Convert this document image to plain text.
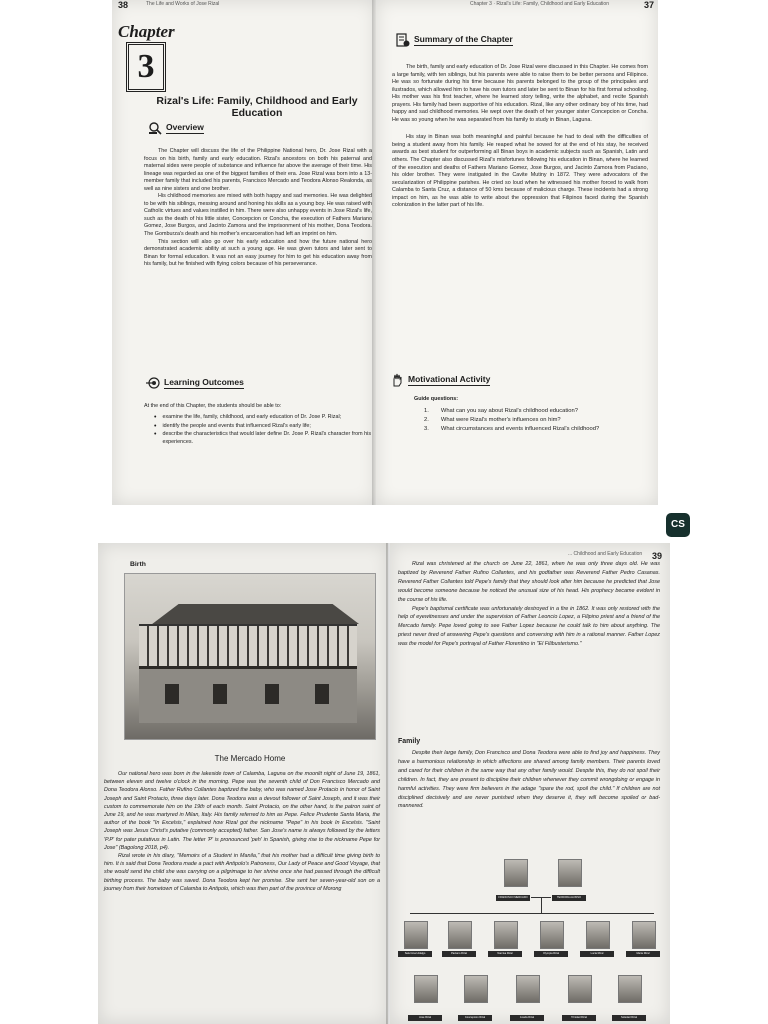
38	The Life and Works of Jose Rizal
Chapter
3
Rizal's Life: Family, Childhood and Early Education
Overview

The Chapter will discuss the life of the Philippine National hero, Dr. Jose Rizal with a focus on his birth, family and early education. Rizal's ancestors on both his paternal and maternal sides were people of substance and influence far above the average of their time. His lineage was regarded as one of the biggest families of their era. Jose Rizal was born into a 13-member family that included his parents, Francisco Mercado and Teodora Alonso Realonda, as well as nine sisters and one brother.

His childhood memories are mixed with both happy and sad memories. He was delighted to be with his siblings, messing around and honing his skills as a young boy. He was raised with Catholic virtues and values instilled in him. There were also unhappy events in Jose Rizal's life, such as the death of his little sister, Concepcion or Concha, the execution of Fathers Mariano Gomez, Jose Burgos, and Jacinto Zamora and the imprisonment of his mother, Dona Teodora. The Gomburza's death and his mother's encarceration had left an imprint on him.

This section will also go over his early education and how the future national hero demonstrated academic ability at such a young age. He was given tutors and later sent to Binan for formal education. It was not an easy journey for him to get his education away from his family, but he finished with flying colors because of his perseverance.

Learning Outcomes
At the end of this Chapter, the students should be able to:
• examine the life, family, childhood, and early education of Dr. Jose P. Rizal;
• identify the people and events that influenced Rizal's early life;
• describe the characteristics that would later define Dr. Jose P. Rizal's character from his experiences.
Chapter 3 · Rizal's Life: Family, Childhood and Early Education	37
Summary of the Chapter

The birth, family and early education of Dr. Jose Rizal were discussed in this Chapter. He comes from a large family, with ten siblings, but his parents were able to raise them to be better persons and Filipinos. He was so fortunate during his time because his parents belonged to the group of the principales and ilustrados, which allowed him to have his own tutors and later be sent to Binan for his first formal schooling. His mother was his first teacher, where he learned story telling, write the alphabet, and recite Spanish prayers. His family had been supportive of his education. Rizal, like any other ordinary boy of his time, had happy and sad childhood memories. He wept over the death of her younger sister Concepcion or Concha. He was so young when he was separated from his family to study in Binan, Laguna.

His stay in Binan was both meaningful and painful because he had to deal with the difficulties of being a student away from his family. He reaped what he sowed for at the end of his stay, he received awards as best student for outperforming all Binan boys in academic subjects such as Spanish, Latin and others. The Chapter also discussed Rizal's misfortunes following his education in Binan, where he learned of the execution and deaths of Fathers Mariano Gomez, Jose Burgos, and Jacinto Zamora from Paciano, his older brother. They were instigated in the Cavite Mutiny in 1872. They were advocators of the secularization of Philippine parishes. He cried so loud when he witnessed his mother forced to walk from Calamba to Santa Cruz, a distance of 50 kms because of malicious charge. These incidents had a strong impact on him, as he was able to write about the oppression that Filipinos faced during the Spanish colonization in the latter part of his life.

Motivational Activity
Guide questions:
1. What can you say about Rizal's childhood education?
2. What were Rizal's mother's influences on him?
3. What circumstances and events influenced Rizal's childhood?
CS
Birth
The Mercado Home

Our national hero was born in the lakeside town of Calamba, Laguna on the moonlit night of June 19, 1861, between eleven and twelve o'clock in the morning. Pepe was the seventh child of Don Francisco Mercado and Dona Teodora Alonso. Father Rufino Collantes baptized the baby, who was named Jose Protacio in honor of Saint Joseph and Saint Protacio, three days later. Dona Teodora was a devout follower of Saint Joseph, and it was their custom to commemorate him on the 19th of each month. Saint Protacio, on the other hand, is the patron saint of June 19, and he was martyred in Milan, Italy. His family referred to him as Pepe. Felice Prudente Santa Maria, the author of the book "In Excelsis," explained how Rizal got the nickname "Pepe" in his book In Excelsis. "Saint Joseph was Jesus Christ's putative (commonly accepted) father. San Jose's name is always followed by the letters 'P.P' for pater putativus in Latin. The letter 'P' is pronounced 'peh' in Spanish, giving rise to the nickname Pepe for Jose" (Bagolong 2018, p4).

Rizal wrote in his diary, "Memoirs of a Student in Manila," that his mother had a difficult time giving birth to him. It is said that Dona Teodora made a pact with Antipolo's Patroness, Our Lady of Peace and Good Voyage, that she would send the child she was carrying on a pilgrimage to her shrine once she had passed through the difficult birthing process. The baby was saved. Dona Teodora kept her promise. She sent her seven-year-old son on a journey from their hometown of Calamba to Antipolo, which was then part of the province of Morong

... Childhood and Early Education 39

Rizal was christened at the church on June 22, 1861, when he was only three days old. He was baptized by Reverend Father Rufino Collantes, and his godfather was Reverend Father Pedro Casanas. Reverend Father Collantes told Pepe's family that they should look after him because he predicted that Jose would become someone because he noticed the unusual size of his head. His prophecy became evident in the course of his life.

Pepe's baptismal certificate was unfortunately destroyed in a fire in 1862. It was only restored with the help of eyewitnesses and under the supervision of Father Leoncio Lopez, a Filipino priest and a friend of the Mercado family. Pepe loved going to see Father Lopez because he could talk to him about anything. The priest never tired of answering Pepe's questions and conversing with him in a rational manner. Father Lopez was the model for Pepe's portrayal of Father Florentino in "El Filibusterismo."

Family

Despite their large family, Don Francisco and Dona Teodora were able to find joy and happiness. They have a harmonious relationship in which affections are shared among family members. Their parents loved and cared for their children in the same way that any other family would. Despite this, they do not spoil their children. In fact, they are present to discipline their children whenever they commit wrongdoing or engage in harmful activities. They were firm believers in the adage "spare the rod, spoil the child." If children are not disciplined decisively and are never punished when they deserve it, they will become spoiled or bad-mannered.

FRANCISCO MERCADO	TEODORA ALONSO
Saturnina Hidalgo	Paciano Rizal	Narcisa Rizal	Olympia Rizal	Lucia Rizal	Maria Rizal
Jose Rizal	Concepcion Rizal	Josefa Rizal	Trinidad Rizal	Soledad Rizal
